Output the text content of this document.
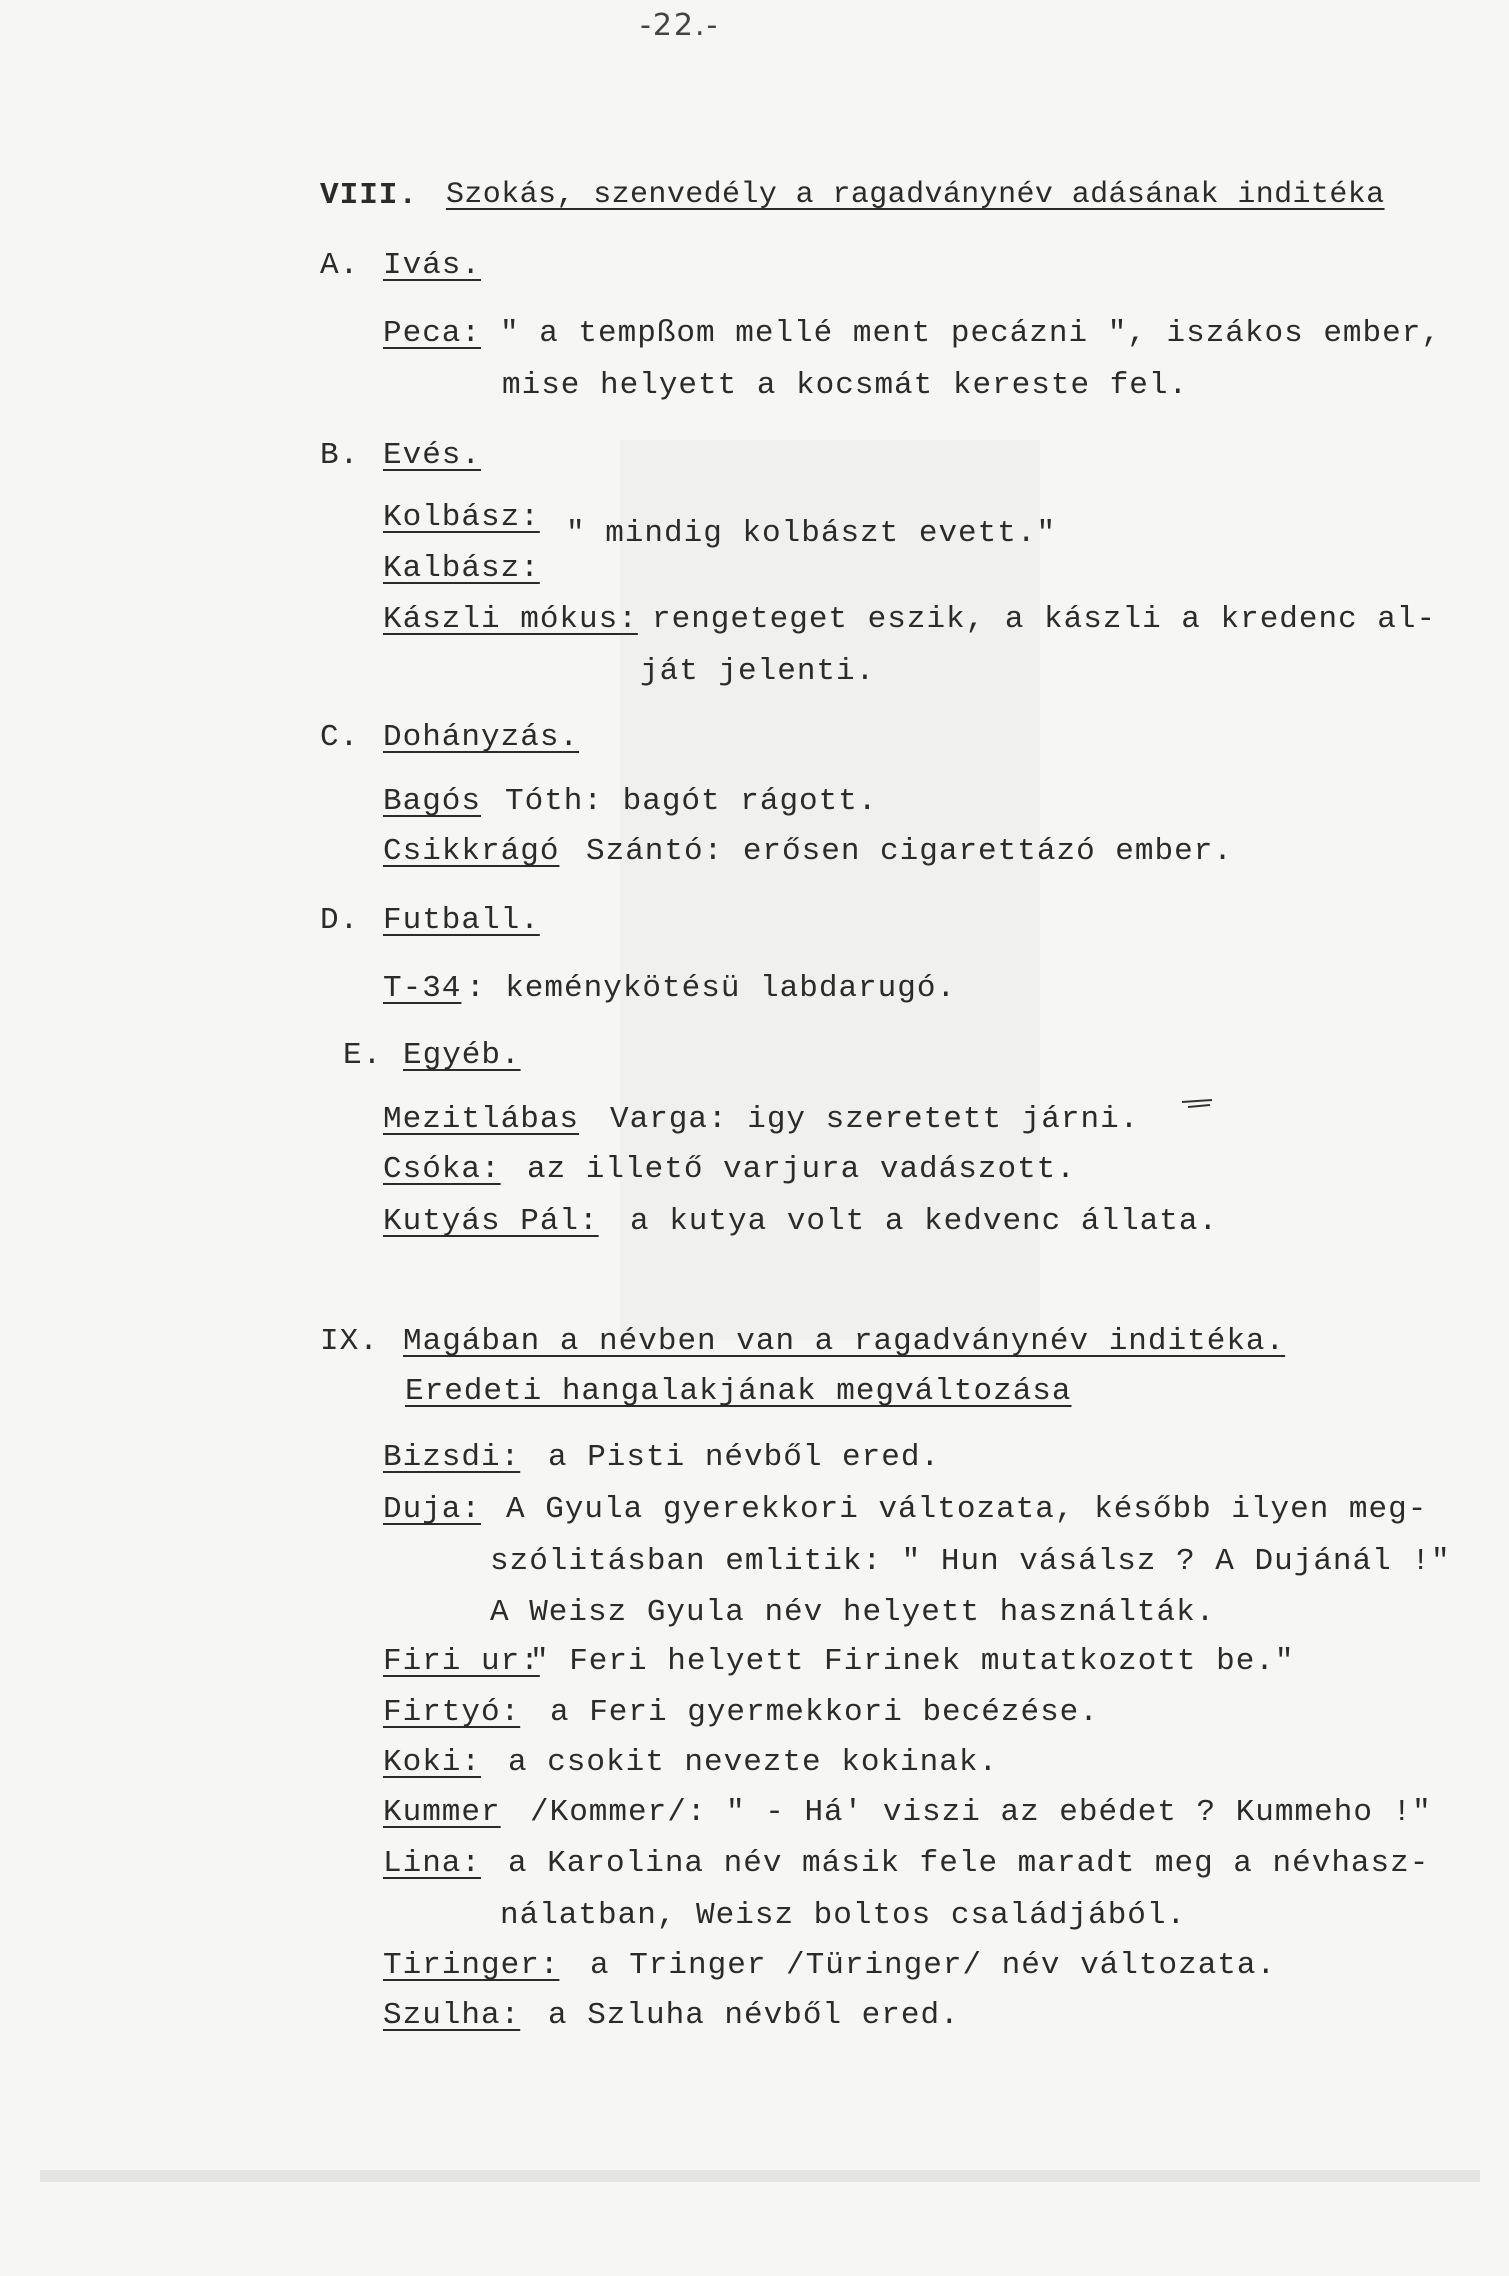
-22.-
VIII. Szokás, szenvedély a ragadványnév adásának inditéka
A. Ivás.
Peca: " a tempßom mellé ment pecázni ", iszákos ember,
mise helyett a kocsmát kereste fel.
B. Evés.
Kolbász: " mindig kolbászt evett."
Kalbász:
Kászli mókus: rengeteget eszik, a kászli a kredenc al-
ját jelenti.
C. Dohányzás.
Bagós Tóth: bagót rágott.
Csikkrágó Szántó: erősen cigarettázó ember.
D. Futball.
T-34 : keménykötésü labdarugó.
E. Egyéb.
Mezitlábas Varga: igy szeretett járni.
Csóka: az illető varjura vadászott.
Kutyás Pál: a kutya volt a kedvenc állata.
IX. Magában a névben van a ragadványnév inditéka.
Eredeti hangalakjának megváltozása
Bizsdi: a Pisti névből ered.
Duja: A Gyula gyerekkori változata, később ilyen meg-
szólitásban emlitik: " Hun vásálsz ? A Dujánál !"
A Weisz Gyula név helyett használták.
Firi ur:
" Feri helyett Firinek mutatkozott be."
Firtyó: a Feri gyermekkori becézése.
Koki: a csokit nevezte kokinak.
Kummer /Kommer/: " - Há' viszi az ebédet ? Kummeho !"
Lina: a Karolina név másik fele maradt meg a névhasz-
nálatban, Weisz boltos családjából.
Tiringer: a Tringer /Türinger/ név változata.
Szulha: a Szluha névből ered.
